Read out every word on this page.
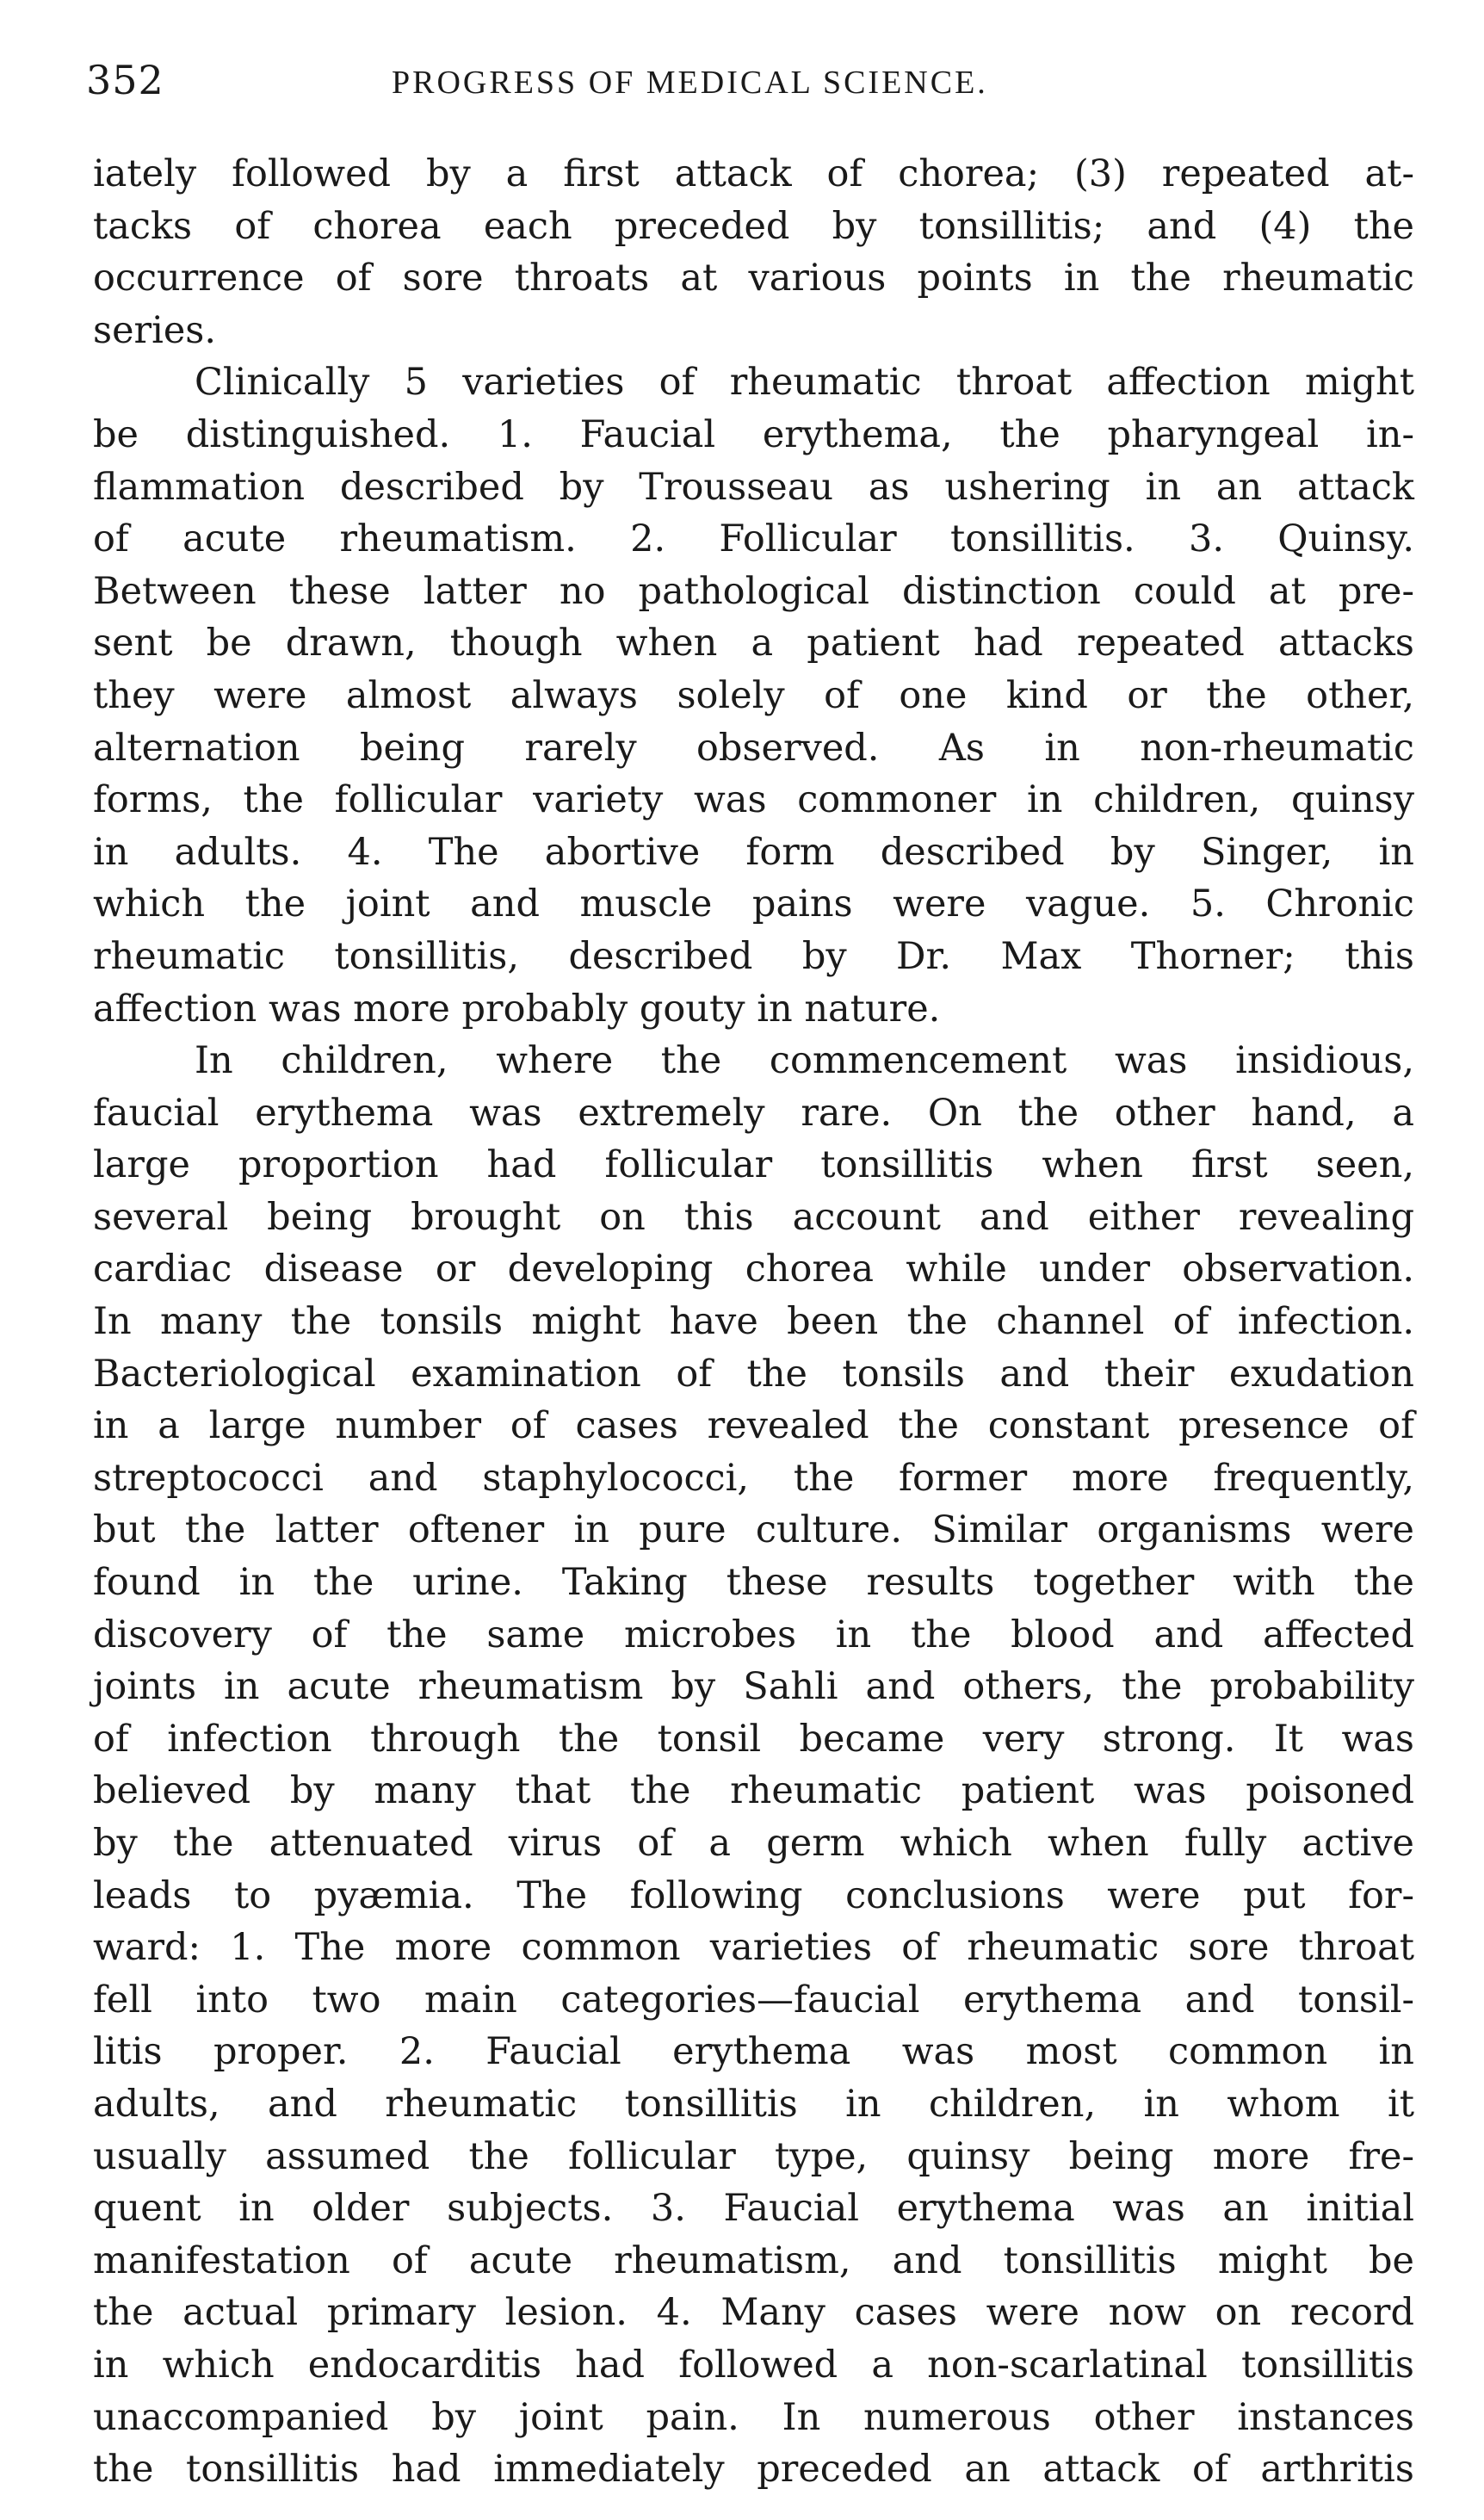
352	PROGRESS OF MEDICAL SCIENCE.
iately followed by a first attack of chorea; (3) repeated at-
tacks of chorea each preceded by tonsillitis; and (4) the
occurrence of sore throats at various points in the rheumatic
series.
Clinically 5 varieties of rheumatic throat affection might
be distinguished. 1. Faucial erythema, the pharyngeal in-
flammation described by Trousseau as ushering in an attack
of acute rheumatism. 2. Follicular tonsillitis. 3. Quinsy.
Between these latter no pathological distinction could at pre-
sent be drawn, though when a patient had repeated attacks
they were almost always solely of one kind or the other,
alternation being rarely observed. As in non-rheumatic
forms, the follicular variety was commoner in children, quinsy
in adults. 4. The abortive form described by Singer, in
which the joint and muscle pains were vague. 5. Chronic
rheumatic tonsillitis, described by Dr. Max Thorner; this
affection was more probably gouty in nature.
In children, where the commencement was insidious,
faucial erythema was extremely rare. On the other hand, a
large proportion had follicular tonsillitis when first seen,
several being brought on this account and either revealing
cardiac disease or developing chorea while under observation.
In many the tonsils might have been the channel of infection.
Bacteriological examination of the tonsils and their exudation
in a large number of cases revealed the constant presence of
streptococci and staphylococci, the former more frequently,
but the latter oftener in pure culture. Similar organisms were
found in the urine. Taking these results together with the
discovery of the same microbes in the blood and affected
joints in acute rheumatism by Sahli and others, the probability
of infection through the tonsil became very strong. It was
believed by many that the rheumatic patient was poisoned
by the attenuated virus of a germ which when fully active
leads to pyæmia. The following conclusions were put for-
ward: 1. The more common varieties of rheumatic sore throat
fell into two main categories—faucial erythema and tonsil-
litis proper. 2. Faucial erythema was most common in
adults, and rheumatic tonsillitis in children, in whom it
usually assumed the follicular type, quinsy being more fre-
quent in older subjects. 3. Faucial erythema was an initial
manifestation of acute rheumatism, and tonsillitis might be
the actual primary lesion. 4. Many cases were now on record
in which endocarditis had followed a non-scarlatinal tonsillitis
unaccompanied by joint pain. In numerous other instances
the tonsillitis had immediately preceded an attack of arthritis
